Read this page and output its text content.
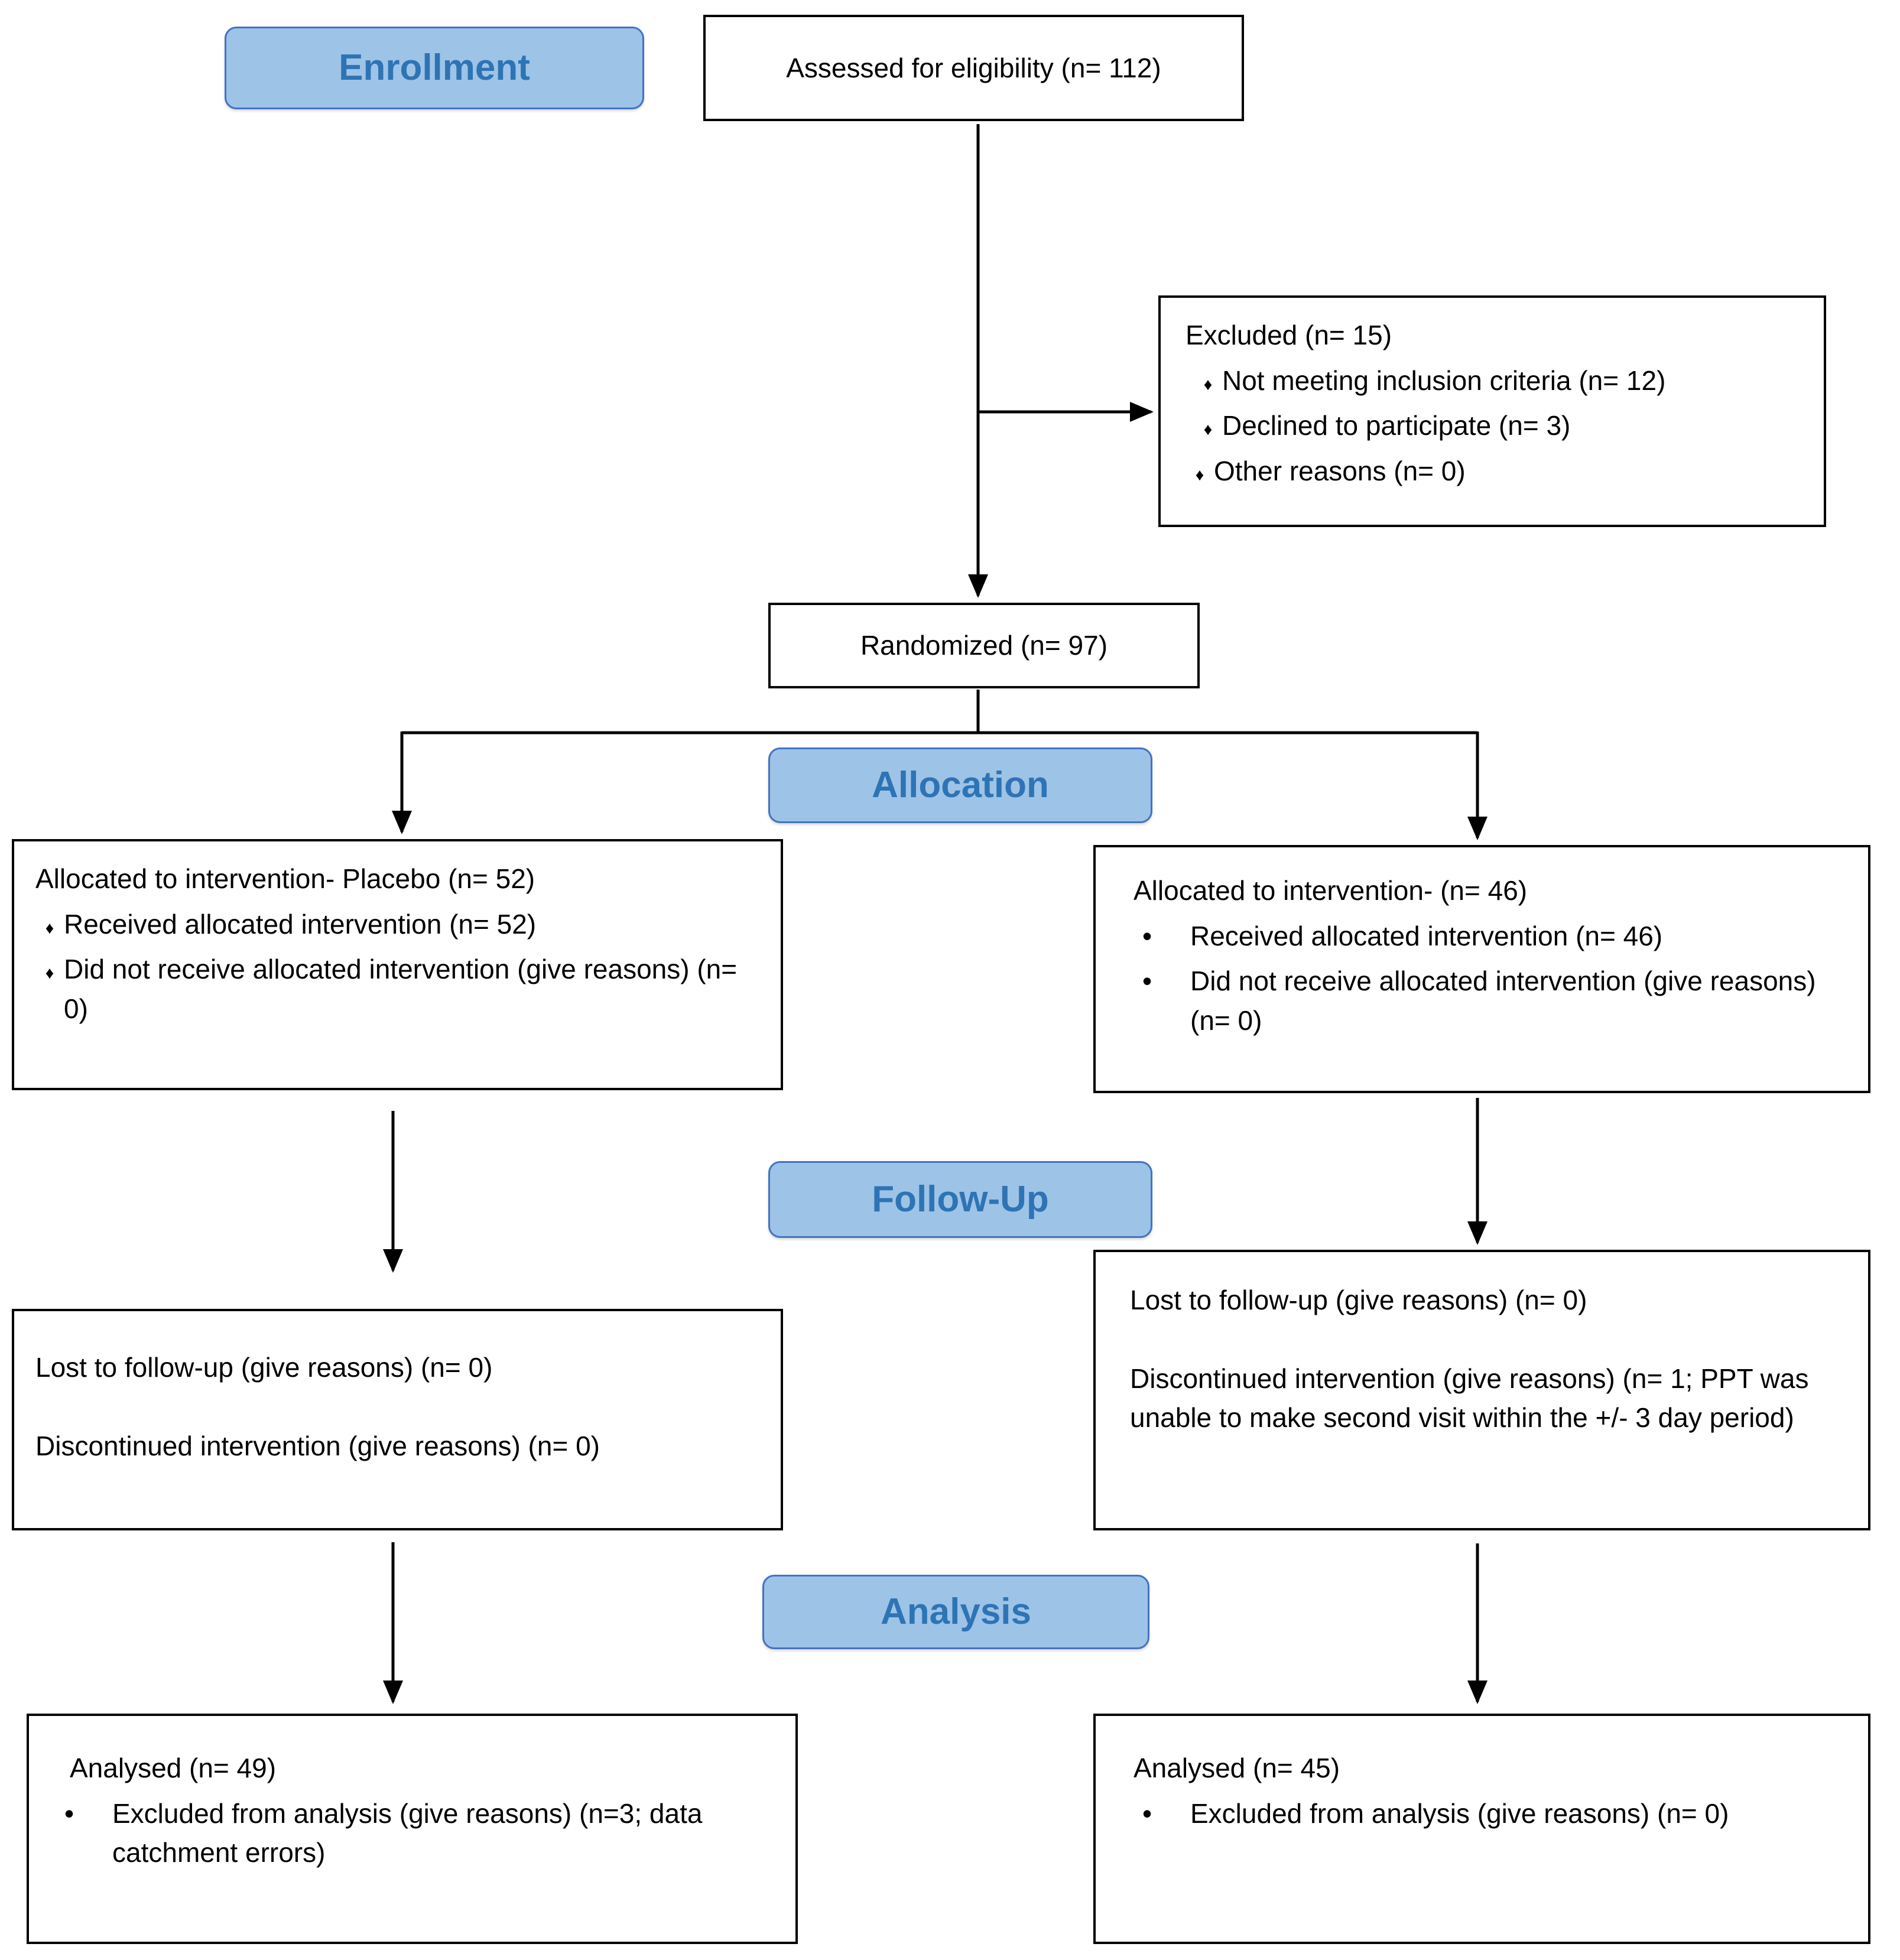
Enrollment
Allocation
Follow-Up
Analysis
Assessed for eligibility (n= 112)
Excluded (n= 15)
♦ Not meeting inclusion criteria (n= 12)
♦ Declined to participate (n= 3)
♦ Other reasons (n= 0)
Randomized (n= 97)
Allocated to intervention- Placebo (n= 52)
♦ Received allocated intervention (n= 52)
♦ Did not receive allocated intervention (give reasons) (n= 0)
Allocated to intervention- (n= 46)
•	Received allocated intervention (n= 46)
•	Did not receive allocated intervention (give reasons) (n= 0)

Lost to follow-up (give reasons) (n= 0)

Discontinued intervention (give reasons) (n= 0)

Lost to follow-up (give reasons) (n= 0)

Discontinued intervention (give reasons) (n= 1; PPT was unable to make second visit within the +/- 3 day period)

Analysed (n= 49)
•	Excluded from analysis (give reasons) (n=3; data catchment errors)
Analysed (n= 45)
•	Excluded from analysis (give reasons) (n= 0)
